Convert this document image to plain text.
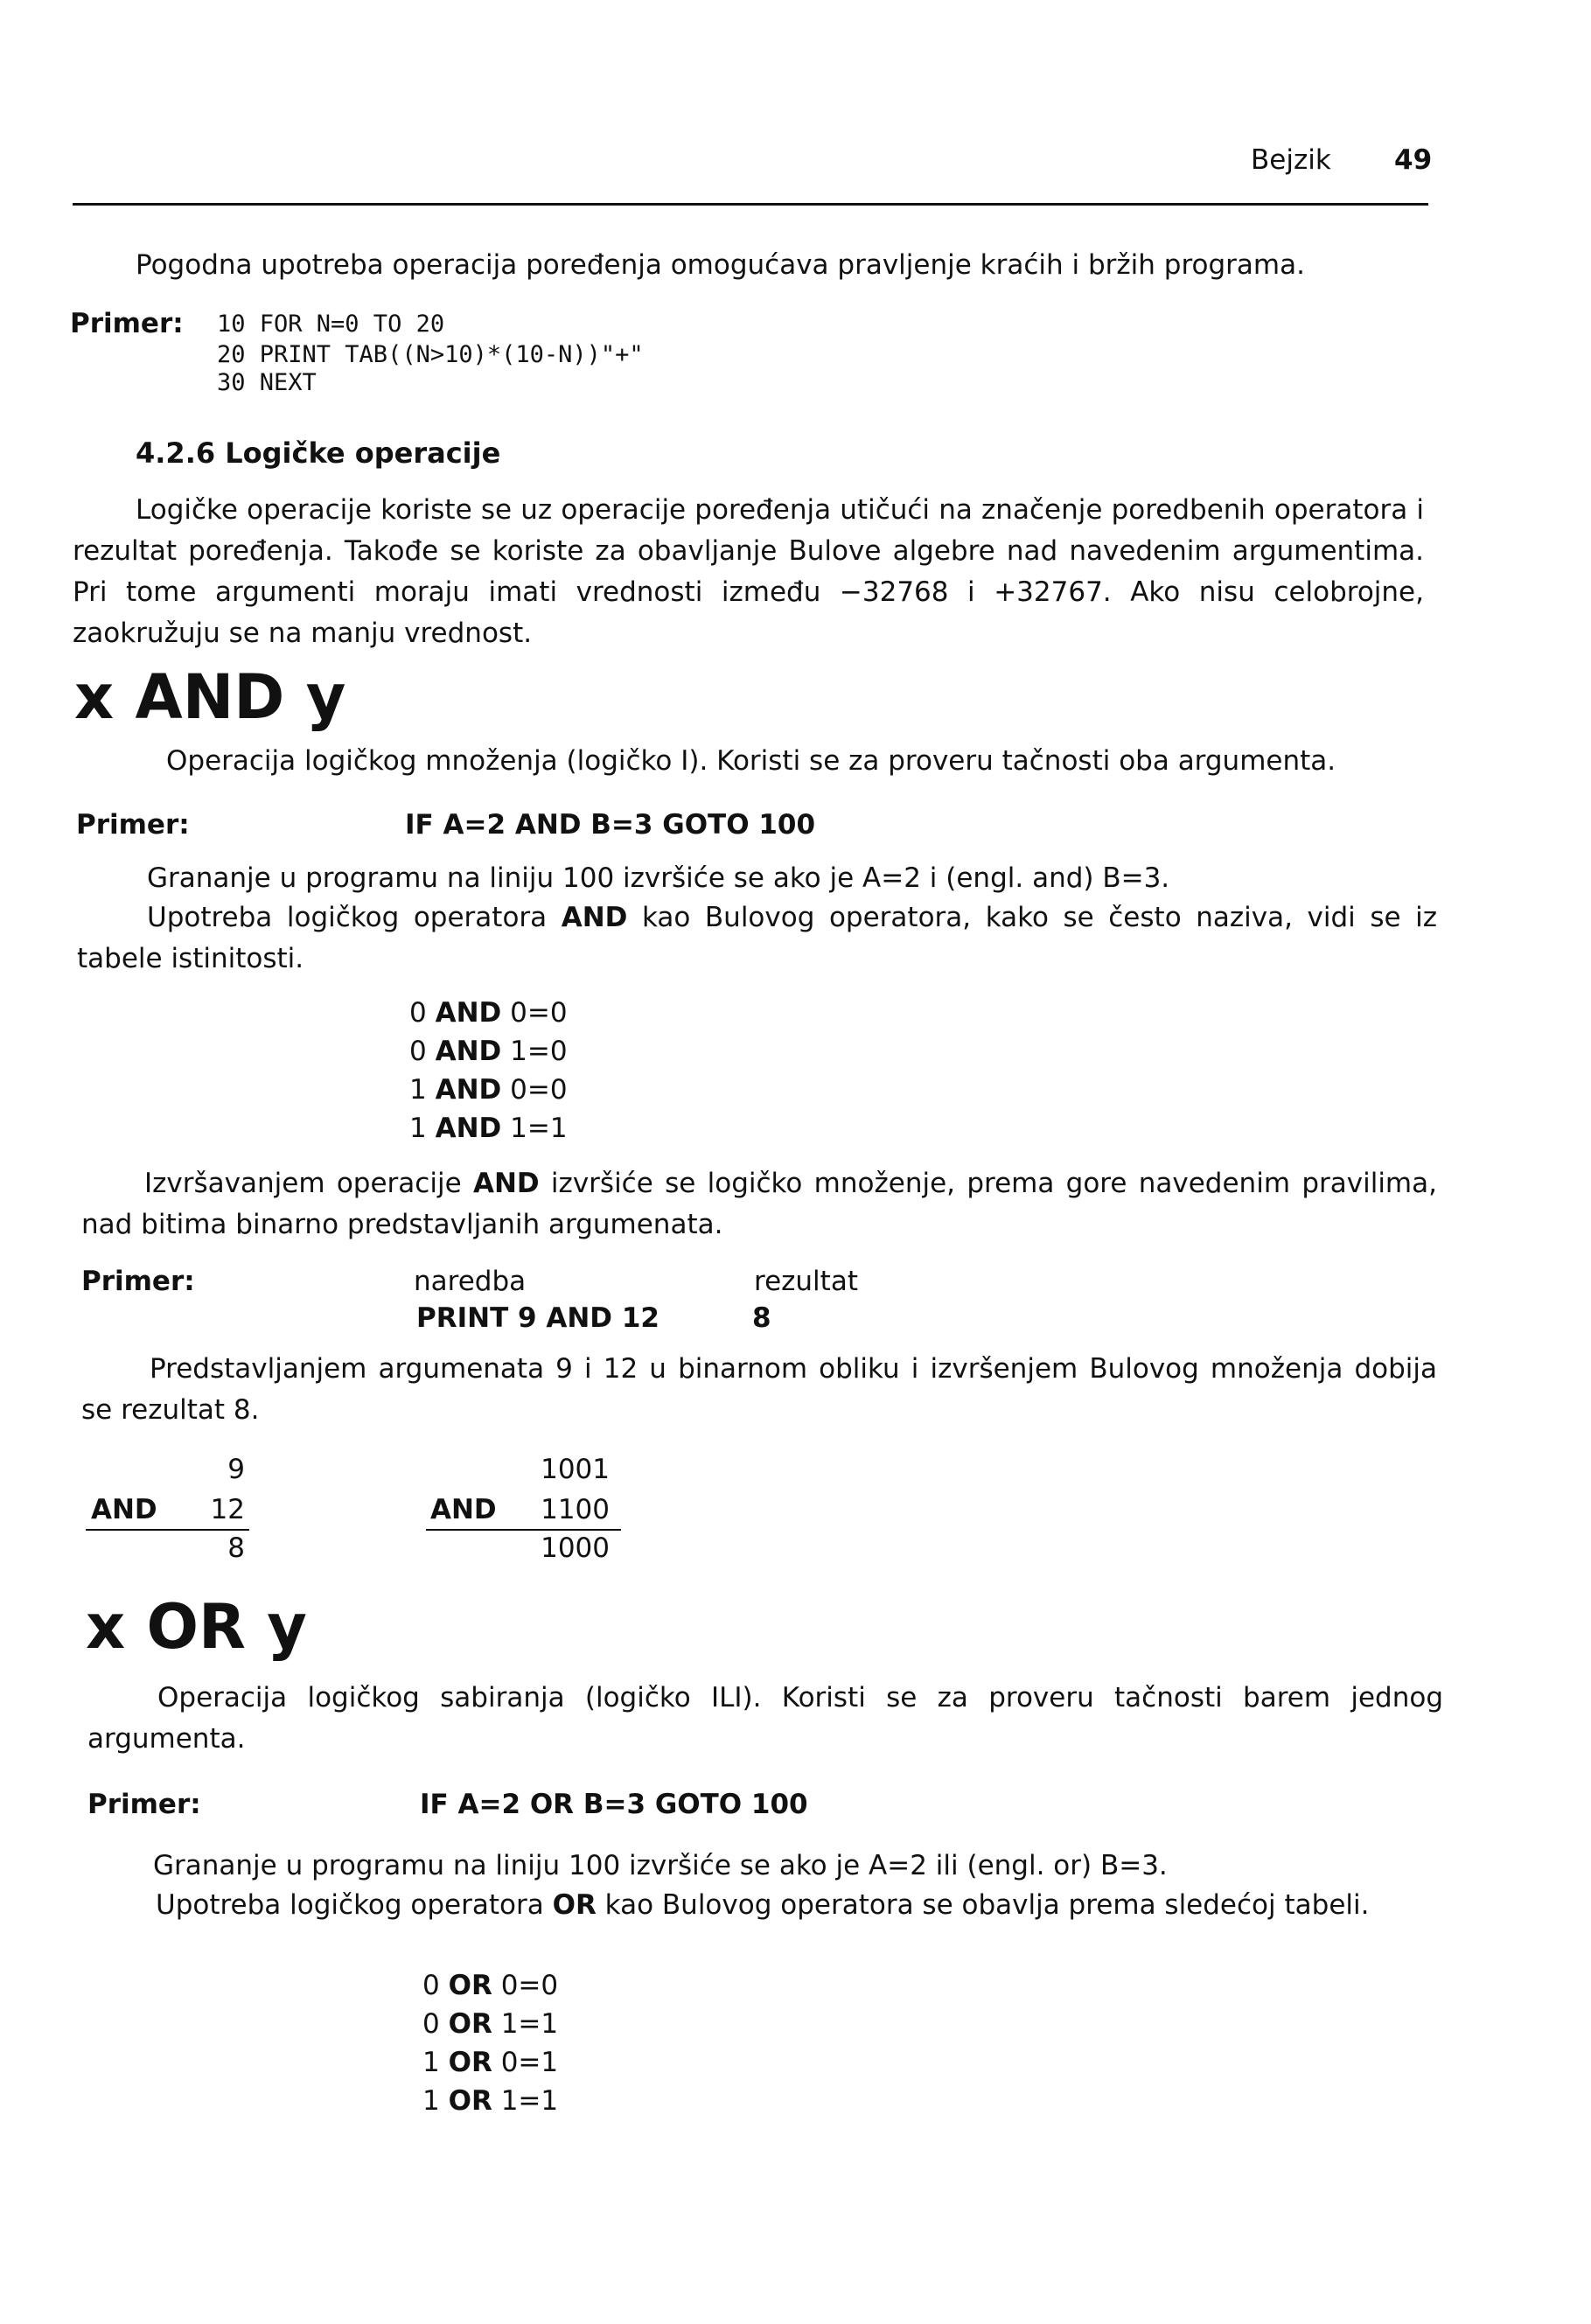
Bejzik 49
Pogodna upotreba operacija poređenja omogućava pravljenje kraćih i bržih programa.
Primer: 10 FOR N=0 TO 20
20 PRINT TAB((N>10)*(10-N))"+"
30 NEXT
4.2.6 Logičke operacije
Logičke operacije koriste se uz operacije poređenja utičući na značenje poredbenih operatora i rezultat poređenja. Takođe se koriste za obavljanje Bulove algebre nad navedenim argumentima. Pri tome argumenti moraju imati vrednosti između −32768 i +32767. Ako nisu celobrojne, zaokružuju se na manju vrednost.
x AND y
Operacija logičkog množenja (logičko I). Koristi se za proveru tačnosti oba argumenta.
Primer:	IF A=2 AND B=3 GOTO 100
Grananje u programu na liniju 100 izvršiće se ako je A=2 i (engl. and) B=3.
Upotreba logičkog operatora AND kao Bulovog operatora, kako se često naziva, vidi se iz tabele istinitosti.
0 AND 0=0
0 AND 1=0
1 AND 0=0
1 AND 1=1
Izvršavanjem operacije AND izvršiće se logičko množenje, prema gore navedenim pravilima, nad bitima binarno predstavljanih argumenata.
Primer:	naredba	rezultat
PRINT 9 AND 12	8
Predstavljanjem argumenata 9 i 12 u binarnom obliku i izvršenjem Bulovog množenja dobija se rezultat 8.
9
AND	12
8
1001
AND	1100
1000
x OR y
Operacija logičkog sabiranja (logičko ILI). Koristi se za proveru tačnosti barem jednog argumenta.
Primer:	IF A=2 OR B=3 GOTO 100
Grananje u programu na liniju 100 izvršiće se ako je A=2 ili (engl. or) B=3.
Upotreba logičkog operatora OR kao Bulovog operatora se obavlja prema sledećoj tabeli.
0 OR 0=0
0 OR 1=1
1 OR 0=1
1 OR 1=1
